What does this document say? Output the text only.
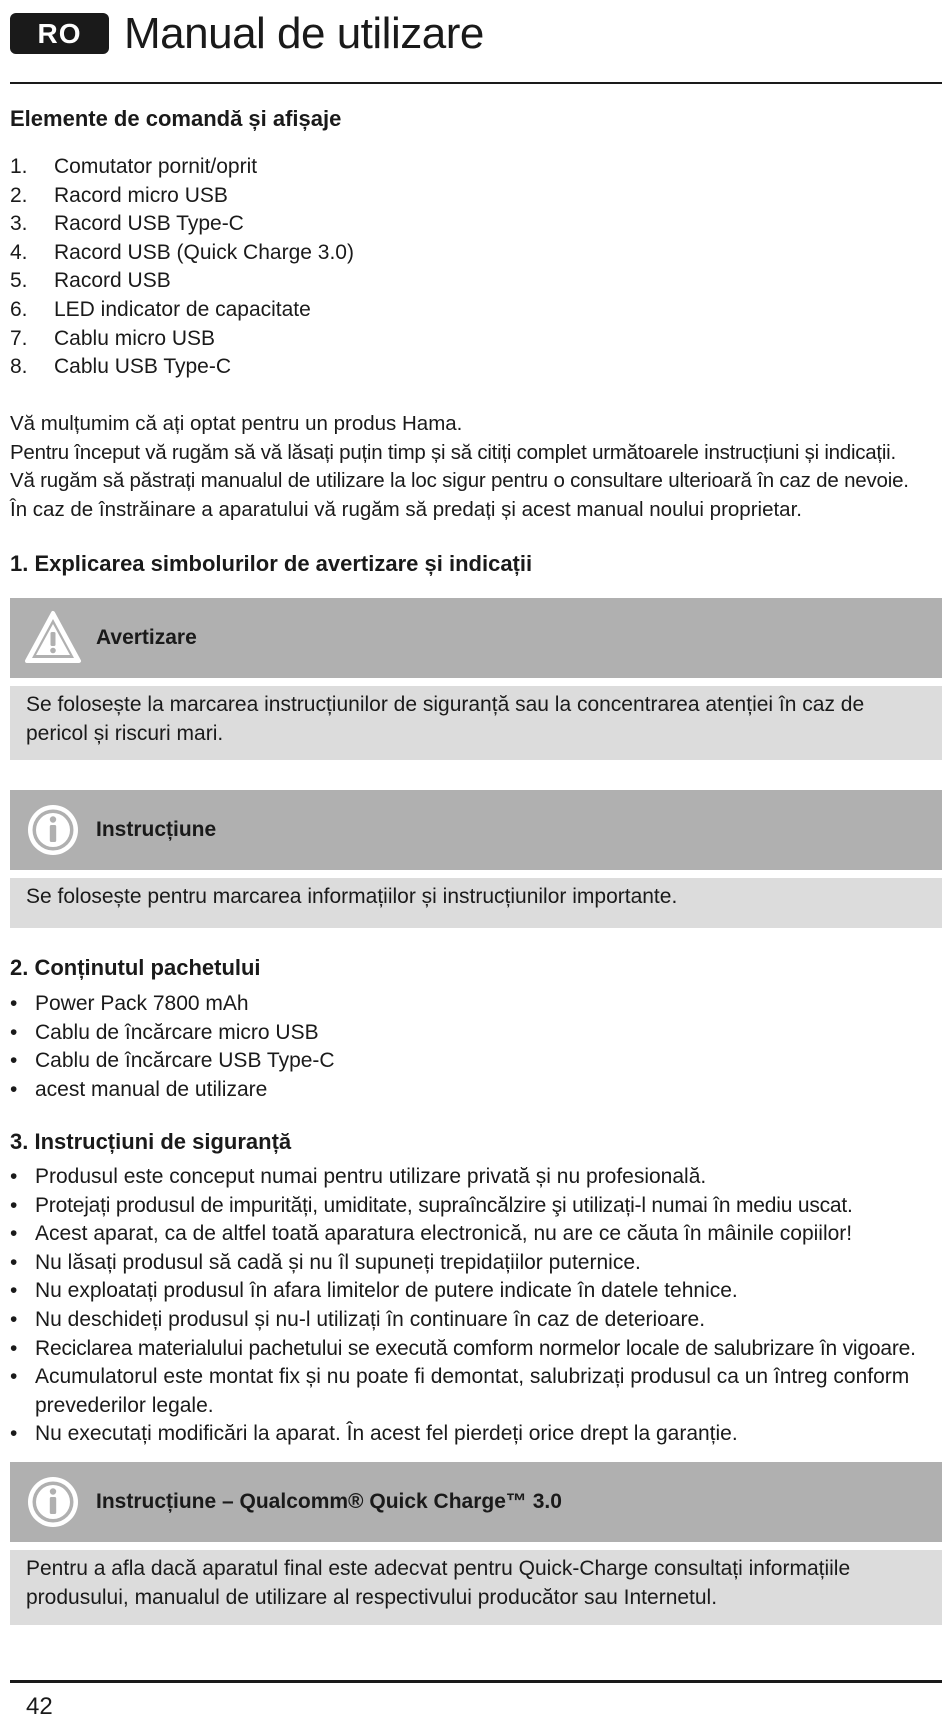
RO Manual de utilizare
Elemente de comandă și afișaje
1.	Comutator pornit/oprit
2.	Racord micro USB
3.	Racord USB Type-C
4.	Racord USB (Quick Charge 3.0)
5.	Racord USB
6.	LED indicator de capacitate
7.	Cablu micro USB
8.	Cablu USB Type-C

Vă mulțumim că ați optat pentru un produs Hama.

Pentru început vă rugăm să vă lăsați puțin timp și să citiți complet următoarele instrucțiuni și indicații.

Vă rugăm să păstrați manualul de utilizare la loc sigur pentru o consultare ulterioară în caz de nevoie.

În caz de înstrăinare a aparatului vă rugăm să predați și acest manual noului proprietar.

1. Explicarea simbolurilor de avertizare și indicații
Avertizare

Se folosește la marcarea instrucțiunilor de siguranță sau la concentrarea atenției în caz de pericol și riscuri mari.

Instrucțiune

Se folosește pentru marcarea informațiilor și instrucțiunilor importante.

2. Conținutul pachetului
• Power Pack 7800 mAh
• Cablu de încărcare micro USB
• Cablu de încărcare USB Type-C
• acest manual de utilizare
3. Instrucțiuni de siguranță
• Produsul este conceput numai pentru utilizare privată și nu profesională.
• Protejați produsul de impurități, umiditate, supraîncălzire şi utilizați-l numai în mediu uscat.
• Acest aparat, ca de altfel toată aparatura electronică, nu are ce căuta în mâinile copiilor!
• Nu lăsați produsul să cadă și nu îl supuneți trepidațiilor puternice.
• Nu exploatați produsul în afara limitelor de putere indicate în datele tehnice.
• Nu deschideți produsul și nu-l utilizați în continuare în caz de deterioare.
• Reciclarea materialului pachetului se execută comform normelor locale de salubrizare în vigoare.
• Acumulatorul este montat fix și nu poate fi demontat, salubrizați produsul ca un întreg conform prevederilor legale.
• Nu executați modificări la aparat. În acest fel pierdeți orice drept la garanție.
Instrucțiune – Qualcomm® Quick Charge™ 3.0

Pentru a afla dacă aparatul final este adecvat pentru Quick-Charge consultați informațiile

produsului, manualul de utilizare al respectivului producător sau Internetul.

42
